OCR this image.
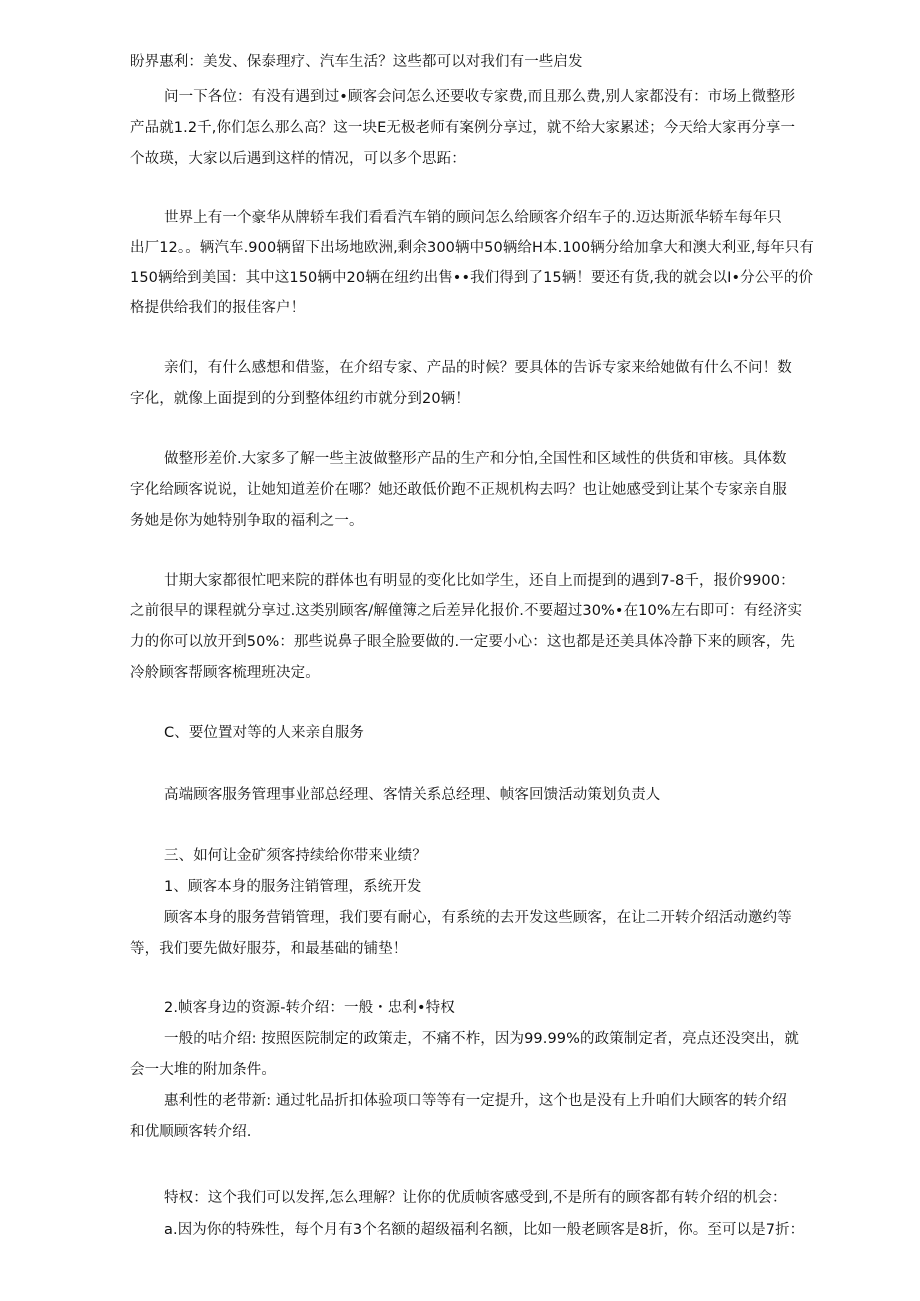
盼界惠利：美发、保泰理疗、汽车生活？这些都可以对我们有一些启发
问一下各位：有没有遇到过•顾客会问怎么还要收专家费,而且那么费,别人家都没有：市场上微整形
产品就1.2千,你们怎么那么高？这一块E无极老师有案例分享过，就不给大家累述；今天给大家再分享一
个故瑛，大家以后遇到这样的情况，可以多个思跖：
世界上有一个豪华从牌轿车我们看看汽车销的顾问怎么给顾客介绍车子的.迈达斯派华轿车每年只
出厂12。。辆汽车.900辆留下出场地欧洲,剩余300辆中50辆给H本.100辆分给加拿大和澳大利亚,每年只有
150辆给到美国：其中这150辆中20辆在纽约出售••我们得到了15辆！要还有货,我的就会以I•分公平的价
格提供给我们的报佳客户！
亲们，有什么感想和借鉴，在介绍专家、产品的时候？要具体的告诉专家来给她做有什么不问！数
字化，就像上面提到的分到整体纽约市就分到20辆！
做整形差价.大家多了解一些主波做整形产品的生产和分怕,全国性和区域性的供货和审核。具体数
字化给顾客说说，让她知道差价在哪？她还敢低价跑不正规机构去吗？也让她感受到让某个专家亲自服
务她是你为她特别争取的福利之一。
廿期大家都很忙吧来院的群体也有明显的变化比如学生，还自上而提到的遇到7-8千，报价9900：
之前很早的课程就分享过.这类别顾客/解僮簿之后差异化报价.不要超过30%•在10%左右即可：有经济实
力的你可以放开到50%：那些说鼻子眼全脸要做的.一定要小心：这也都是还美具体冷静下来的顾客，先
冷舲顾客帮顾客梳理班决定。
C、要位置对等的人来亲自服务
高端顾客服务管理事业部总经理、客情关系总经理、帧客回馈活动策划负责人
三、如何让金矿须客持续给你带来业绩？
1、顾客本身的服务注销管理，系统开发
顾客本身的服务营销管理，我们要有耐心，有系统的去开发这些顾客，在让二开转介绍活动邀约等
等，我们要先做好服芬，和最基础的铺垫！
2.帧客身边的资源-转介绍：一般・忠利•特权
一般的咕介绍: 按照医院制定的政策走，不痛不柞，因为99.99%的政策制定者，亮点还没突出，就
会一大堆的附加条件。
惠利性的老带新: 通过牝品折扣体验项口等等有一定提升，这个也是没有上升咱们大顾客的转介绍
和优顺顾客转介绍.
特权：这个我们可以发挥,怎么理解？让你的优质帧客感受到,不是所有的顾客都有转介绍的机会：
a.因为你的特殊性，每个月有3个名额的超级福利名额，比如一般老顾客是8折，你。至可以是7折：
